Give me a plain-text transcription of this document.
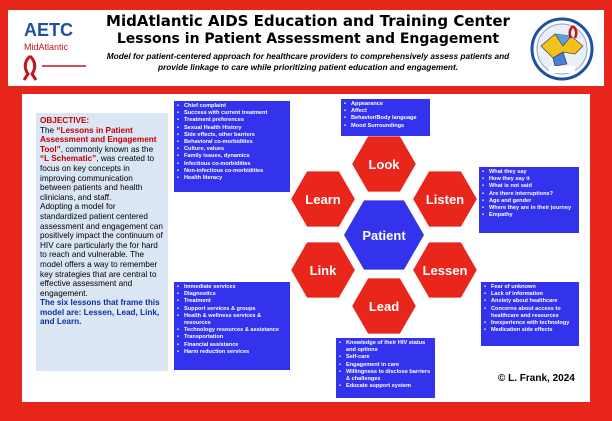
AETC
MidAtlantic
MidAtlantic AIDS Education and Training Center
Lessons in Patient Assessment and Engagement
Model for patient-centered approach for healthcare providers to comprehensively assess patients and
provide linkage to care while prioritizing patient education and engagement.
OBJECTIVE:
The “Lessons in Patient Assessment and Engagement Tool”, commonly known as the “L Schematic”, was created to focus on key concepts in improving communication between patients and health clinicians, and staff.
Adopting a model for standardized patient centered assessment and engagement can positively impact the continuum of HIV care particularly the for hard to reach and vulnerable. The model offers a way to remember key strategies that are central to effective assessment and engagement.
The six lessons that frame this model are: Lessen, Lead, Link, and Learn.
Look
Listen
Lessen
Lead
Link
Learn
Patient
• Chief complaint
• Success with current treatment
• Treatment preferences
• Sexual Health History
• Side effects, other barriers
• Behavioral co-morbidities
• Culture, values
• Family issues, dynamics
• Infectious co-morbidities
• Non-infectious co-morbidities
• Health literacy
• Appearance
• Affect
• Behavior/Body language
• Mood Surroundings
• What they say
• How they say it
• What is not said
• Are there interruptions?
• Age and gender
• Where they are in their journey
• Empathy
• Immediate services
• Diagnostics
• Treatment
• Support services & groups
• Health & wellness services & resources
• Technology resources & assistance
• Transportation
• Financial assistance
• Harm reduction services
• Fear of unknown
• Lack of information
• Anxiety about healthcare
• Concerns about access to healthcare and resources
• Inexperience with technology
• Medication side effects
• Knowledge of their HIV status and options
• Self-care
• Engagement in care
• Willingness to disclose barriers & challenges
• Educate support system
© L. Frank, 2024
